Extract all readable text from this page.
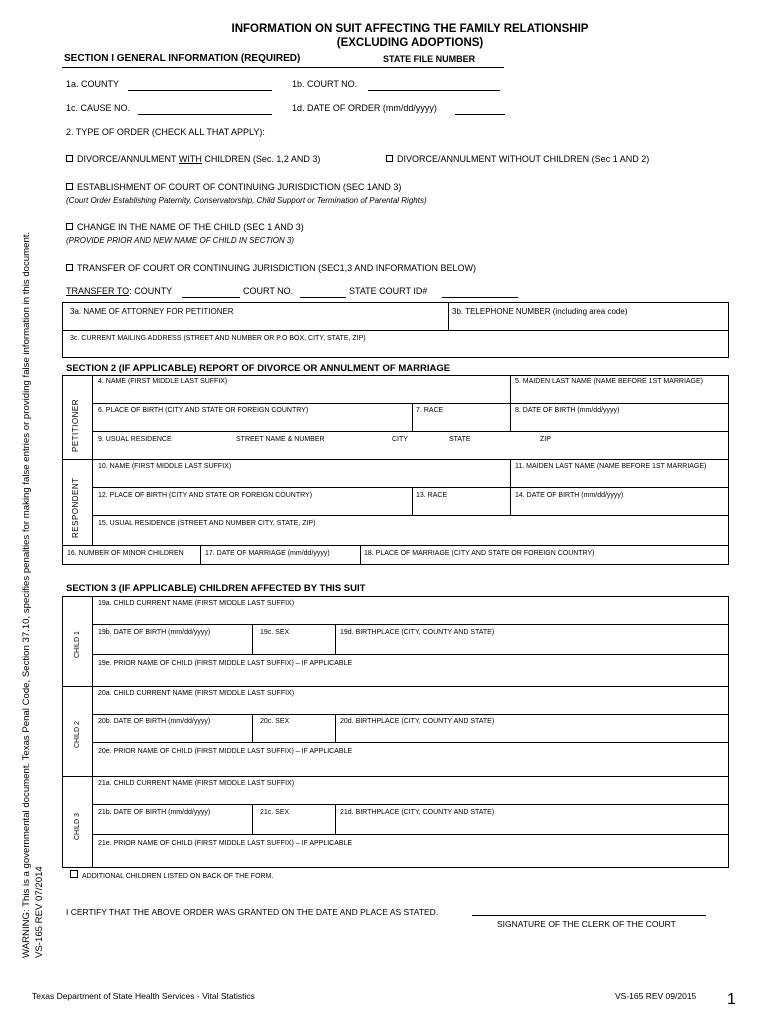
WARNING: This is a governmental document. Texas Penal Code, Section 37.10, specifies penalties for making false entries or providing false information in this document. VS-165 REV 07/2014
INFORMATION ON SUIT AFFECTING THE FAMILY RELATIONSHIP
(EXCLUDING ADOPTIONS)
SECTION I GENERAL INFORMATION (REQUIRED)	STATE FILE NUMBER
1a. COUNTY	1b. COURT NO.
1c. CAUSE NO.	1d. DATE OF ORDER (mm/dd/yyyy)
2. TYPE OF ORDER (CHECK ALL THAT APPLY):
DIVORCE/ANNULMENT WITH CHILDREN (Sec. 1,2 AND 3)	DIVORCE/ANNULMENT WITHOUT CHILDREN (Sec 1 AND 2)
ESTABLISHMENT OF COURT OF CONTINUING JURISDICTION (SEC 1AND 3)
(Court Order Establishing Paternity, Conservatorship, Child Support or Termination of Parental Rights)
CHANGE IN THE NAME OF THE CHILD (SEC 1 AND 3)
(PROVIDE PRIOR AND NEW NAME OF CHILD IN SECTION 3)
TRANSFER OF COURT OR CONTINUING JURISDICTION (SEC1,3 AND INFORMATION BELOW)
TRANSFER TO: COUNTY	COURT NO.	STATE COURT ID#
3a. NAME OF ATTORNEY FOR PETITIONER	3b. TELEPHONE NUMBER (including area code)
3c. CURRENT MAILING ADDRESS (STREET AND NUMBER OR P.O BOX, CITY, STATE, ZIP)
SECTION 2 (IF APPLICABLE) REPORT OF DIVORCE OR ANNULMENT OF MARRIAGE
PETITIONER
RESPONDENT
4. NAME (FIRST MIDDLE LAST SUFFIX)	5. MAIDEN LAST NAME (NAME BEFORE 1ST MARRIAGE)
6. PLACE OF BIRTH (CITY AND STATE OR FOREIGN COUNTRY)	7. RACE	8. DATE OF BIRTH (mm/dd/yyyy)
9. USUAL RESIDENCE	STREET NAME & NUMBER	CITY	STATE	ZIP
10. NAME (FIRST MIDDLE LAST SUFFIX)	11. MAIDEN LAST NAME (NAME BEFORE 1ST MARRIAGE)
12. PLACE OF BIRTH (CITY AND STATE OR FOREIGN COUNTRY)	13. RACE	14. DATE OF BIRTH (mm/dd/yyyy)
15. USUAL RESIDENCE (STREET AND NUMBER CITY, STATE, ZIP)
16. NUMBER OF MINOR CHILDREN	17. DATE OF MARRIAGE (mm/dd/yyyy)	18. PLACE OF MARRIAGE (CITY AND STATE OR FOREIGN COUNTRY)
SECTION 3 (IF APPLICABLE) CHILDREN AFFECTED BY THIS SUIT
CHILD 1
19a. CHILD CURRENT NAME (FIRST MIDDLE LAST SUFFIX)
19b. DATE OF BIRTH (mm/dd/yyyy)	19c. SEX	19d. BIRTHPLACE (CITY, COUNTY AND STATE)
19e. PRIOR NAME OF CHILD (FIRST MIDDLE LAST SUFFIX) – IF APPLICABLE
CHILD 2
20a. CHILD CURRENT NAME (FIRST MIDDLE LAST SUFFIX)
20b. DATE OF BIRTH (mm/dd/yyyy)	20c. SEX	20d. BIRTHPLACE (CITY, COUNTY AND STATE)
20e. PRIOR NAME OF CHILD (FIRST MIDDLE LAST SUFFIX) – IF APPLICABLE
CHILD 3
21a. CHILD CURRENT NAME (FIRST MIDDLE LAST SUFFIX)
21b. DATE OF BIRTH (mm/dd/yyyy)	21c. SEX	21d. BIRTHPLACE (CITY, COUNTY AND STATE)
21e. PRIOR NAME OF CHILD (FIRST MIDDLE LAST SUFFIX) – IF APPLICABLE
ADDITIONAL CHILDREN LISTED ON BACK OF THE FORM.
I CERTIFY THAT THE ABOVE ORDER WAS GRANTED ON THE DATE AND PLACE AS STATED.
SIGNATURE OF THE CLERK OF THE COURT
Texas Department of State Health Services - Vital Statistics	VS-165 REV 09/2015 1
